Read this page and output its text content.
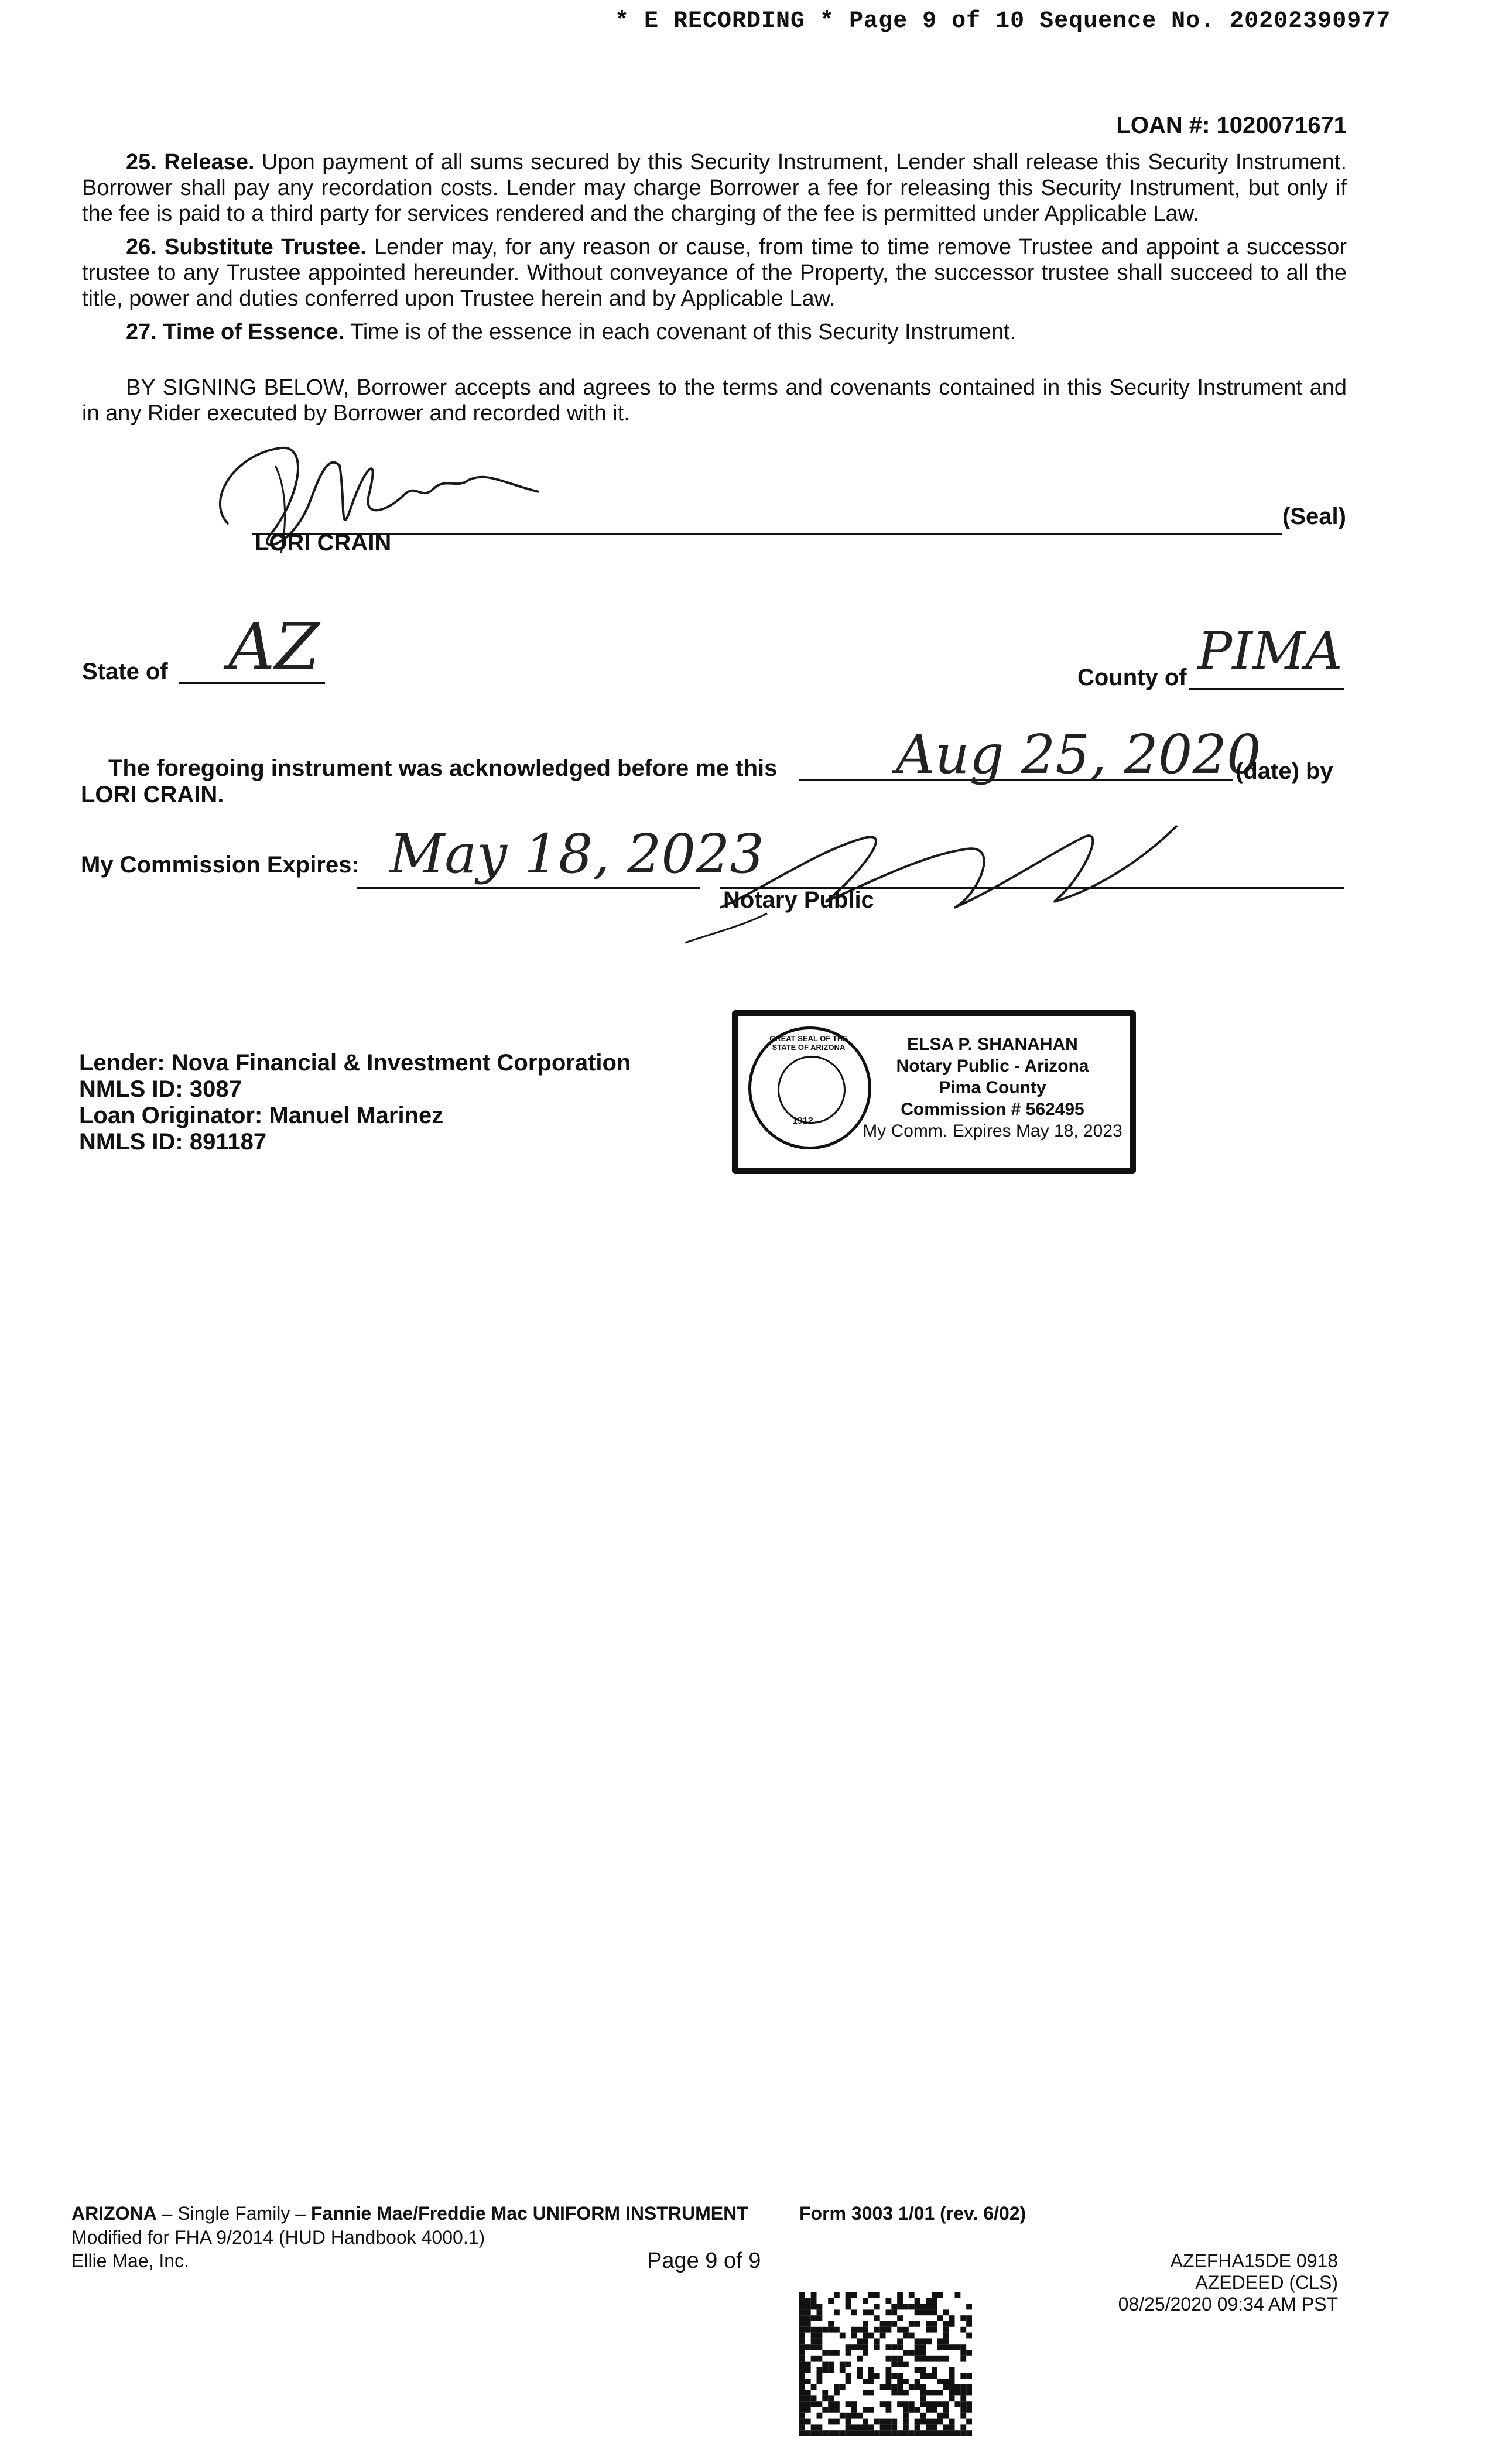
* E RECORDING * Page 9 of 10 Sequence No. 20202390977
LOAN #: 1020071671
25. Release. Upon payment of all sums secured by this Security Instrument, Lender shall release this Security Instrument. Borrower shall pay any recordation costs. Lender may charge Borrower a fee for releasing this Security Instrument, but only if the fee is paid to a third party for services rendered and the charging of the fee is permitted under Applicable Law.
26. Substitute Trustee. Lender may, for any reason or cause, from time to time remove Trustee and appoint a successor trustee to any Trustee appointed hereunder. Without conveyance of the Property, the successor trustee shall succeed to all the title, power and duties conferred upon Trustee herein and by Applicable Law.
27. Time of Essence. Time is of the essence in each covenant of this Security Instrument.
BY SIGNING BELOW, Borrower accepts and agrees to the terms and covenants contained in this Security Instrument and in any Rider executed by Borrower and recorded with it.
LORI CRAIN
(Seal)
State of AZ	County of PIMA
The foregoing instrument was acknowledged before me this Aug 25, 2020
(date) by
LORI CRAIN.
My Commission Expires: May 18, 2023
Notary Public
Lender: Nova Financial & Investment Corporation
NMLS ID: 3087
Loan Originator: Manuel Marinez
NMLS ID: 891187
1912
GREAT SEAL OF THE STATE OF ARIZONA	ELSA P. SHANAHAN
Notary Public - Arizona
Pima County
Commission # 562495
My Comm. Expires May 18, 2023
ARIZONA – Single Family – Fannie Mae/Freddie Mac UNIFORM INSTRUMENT	Form 3003 1/01 (rev. 6/02)
Modified for FHA 9/2014 (HUD Handbook 4000.1)
Ellie Mae, Inc.	Page 9 of 9	AZEFHA15DE 0918
AZEDEED (CLS)
08/25/2020 09:34 AM PST
